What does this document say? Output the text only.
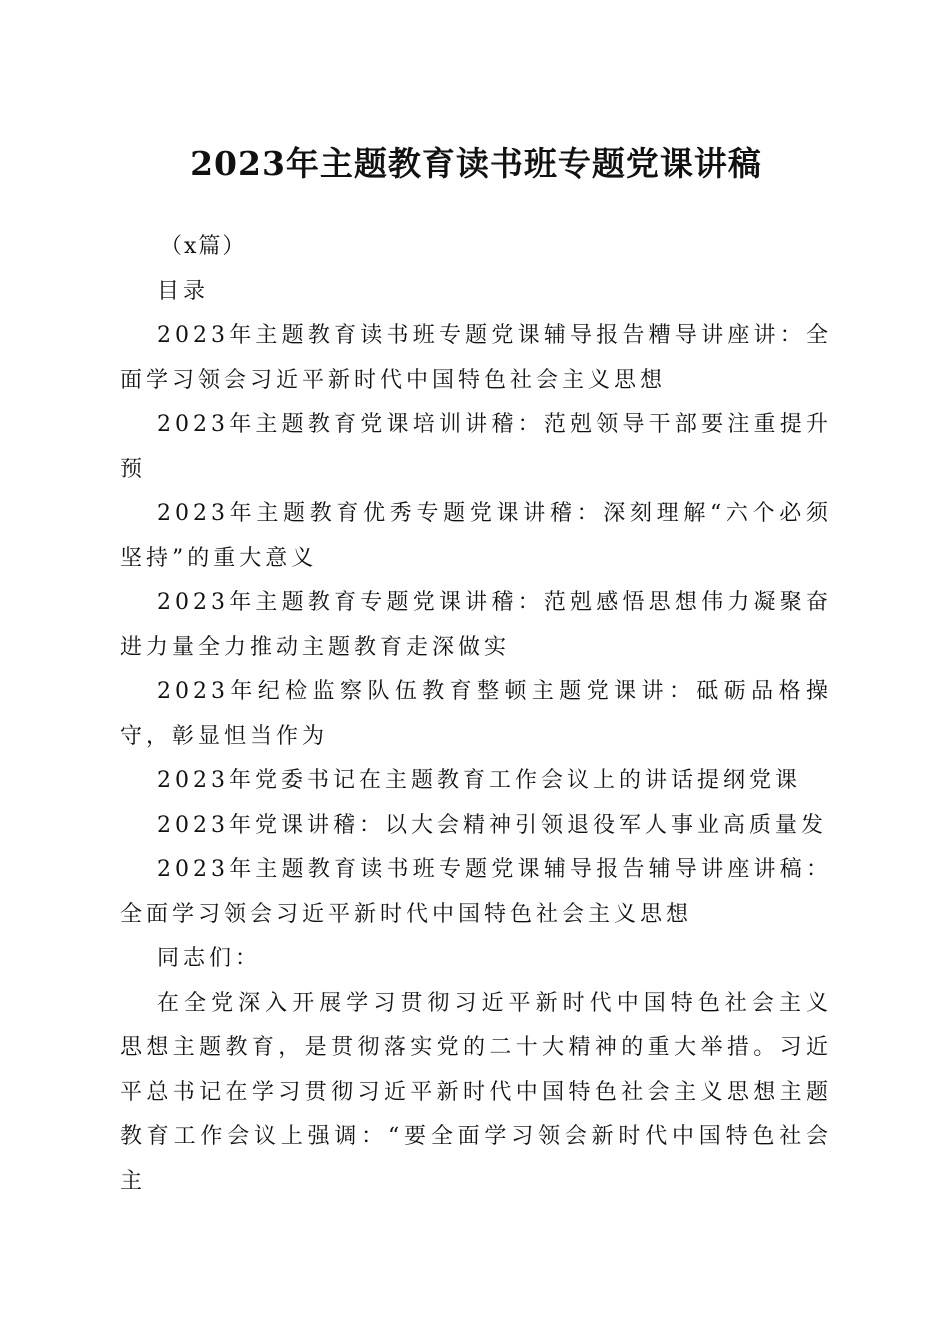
2023年主题教育读书班专题党课讲稿

（x篇）

目录

2023年主题教育读书班专题党课辅导报告糟导讲座讲：全面学习领会习近平新时代中国特色社会主义思想

2023年主题教育党课培训讲稽：范剋领导干部要注重提升预

2023年主题教育优秀专题党课讲稽：深刻理解“六个必须坚持”的重大意义

2023年主题教育专题党课讲稽：范剋感悟思想伟力凝聚奋进力量全力推动主题教育走深做实

2023年纪检监察队伍教育整顿主题党课讲：砥砺品格操守，彰显怛当作为

2023年党委书记在主题教育工作会议上的讲话提纲党课

2023年党课讲稽：以大会精神引领退役军人事业高质量发

2023年主题教育读书班专题党课辅导报告辅导讲座讲稿：全面学习领会习近平新时代中国特色社会主义思想

同志们：

在全党深入开展学习贯彻习近平新时代中国特色社会主义思想主题教育，是贯彻落实党的二十大精神的重大举措。习近平总书记在学习贯彻习近平新时代中国特色社会主义思想主题教育工作会议上强调：“要全面学习领会新时代中国特色社会主
